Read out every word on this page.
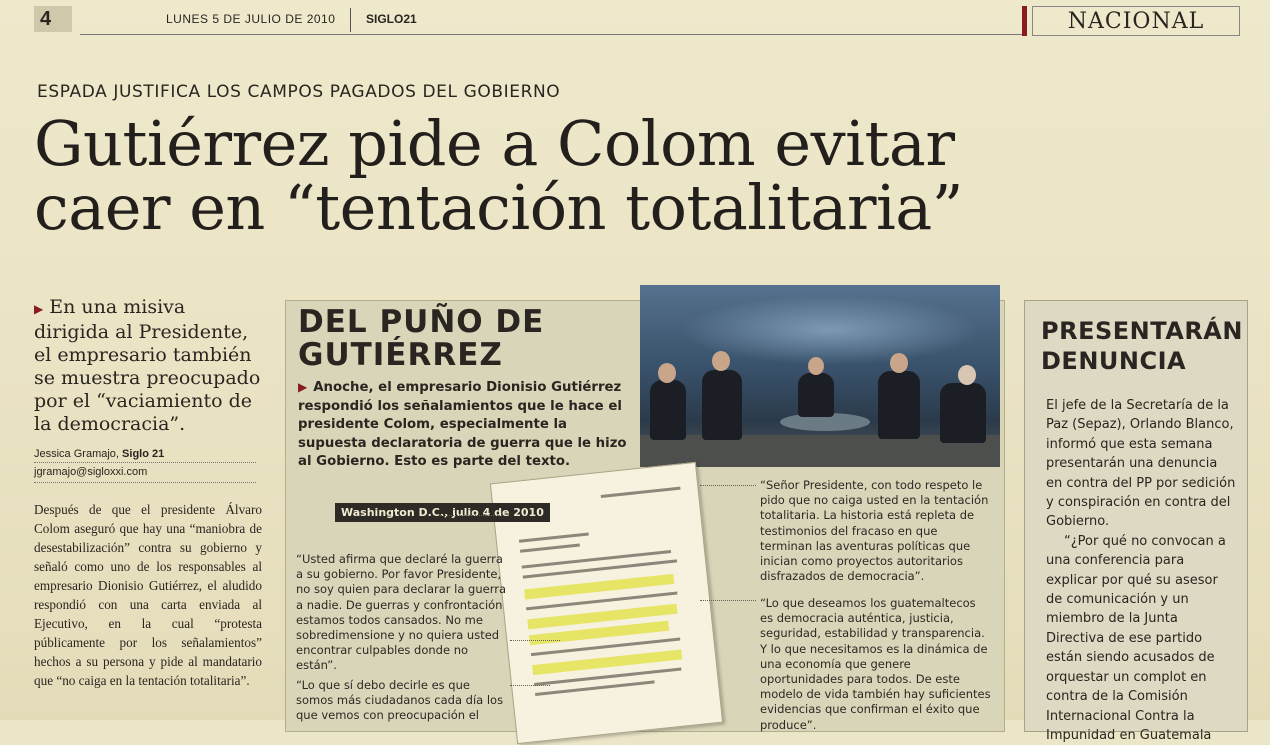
4	LUNES 5 DE JULIO DE 2010	SIGLO21	NACIONAL
ESPADA JUSTIFICA LOS CAMPOS PAGADOS DEL GOBIERNO
Gutiérrez pide a Colom evitar
caer en “tentación totalitaria”
▶ En una misiva dirigida al Presidente, el empresario también se muestra preocupado por el “vaciamiento de la democracia”.
Jessica Gramajo, Siglo 21
jgramajo@sigloxxi.com
Después de que el presidente Álvaro Colom aseguró que hay una “maniobra de desestabilización” contra su gobierno y señaló como uno de los responsables al empresario Dionisio Gutiérrez, el aludido respondió con una carta enviada al Ejecutivo, en la cual “protesta públicamente por los señalamientos” hechos a su persona y pide al mandatario que “no caiga en la tentación totalitaria”.
DEL PUÑO DE
GUTIÉRREZ
▶ Anoche, el empresario Dionisio Gutiérrez respondió los señalamientos que le hace el presidente Colom, especialmente la supuesta declaratoria de guerra que le hizo al Gobierno. Esto es parte del texto.
Washington D.C., julio 4 de 2010
“Usted afirma que declaré la guerra a su gobierno. Por favor Presidente, no soy quien para declarar la guerra a nadie. De guerras y confrontación estamos todos cansados. No me sobredimensione y no quiera usted encontrar culpables donde no están”.
“Lo que sí debo decirle es que somos más ciudadanos cada día los que vemos con preocupación el
“Señor Presidente, con todo respeto le pido que no caiga usted en la tentación totalitaria. La historia está repleta de testimonios del fracaso en que terminan las aventuras políticas que inician como proyectos autoritarios disfrazados de democracia”.
“Lo que deseamos los guatemaltecos es democracia auténtica, justicia, seguridad, estabilidad y transparencia. Y lo que necesitamos es la dinámica de una economía que genere oportunidades para todos. De este modelo de vida también hay suficientes evidencias que confirman el éxito que produce”.
PRESENTARÁN
DENUNCIA

El jefe de la Secretaría de la Paz (Sepaz), Orlando Blanco, informó que esta semana presentarán una denuncia en contra del PP por sedición y conspiración en contra del Gobierno.

“¿Por qué no convocan a una conferencia para explicar por qué su asesor de comunicación y un miembro de la Junta Directiva de ese partido están siendo acusados de orquestar un complot en contra de la Comisión Internacional Contra la Impunidad en Guatemala
